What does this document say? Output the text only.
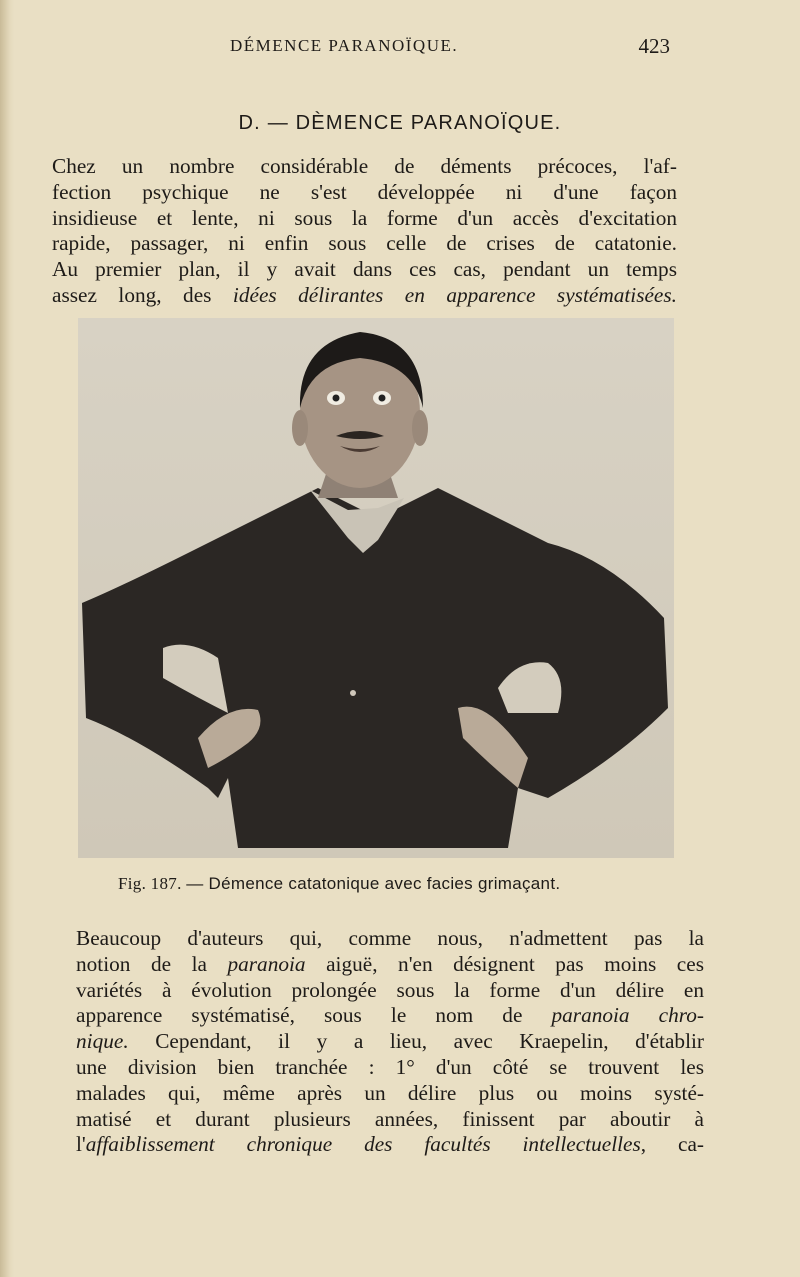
DÉMENCE PARANOÏQUE.	423
D. — DÈMENCE PARANOÏQUE.
Chez un nombre considérable de déments précoces, l'af-
fection psychique ne s'est développée ni d'une façon
insidieuse et lente, ni sous la forme d'un accès d'excitation
rapide, passager, ni enfin sous celle de crises de catatonie.
Au premier plan, il y avait dans ces cas, pendant un temps
assez long, des idées délirantes en apparence systématisées.
Fig. 187. — Démence catatonique avec facies grimaçant.
Beaucoup d'auteurs qui, comme nous, n'admettent pas la
notion de la paranoia aiguë, n'en désignent pas moins ces
variétés à évolution prolongée sous la forme d'un délire en
apparence systématisé, sous le nom de paranoia chro-
nique. Cependant, il y a lieu, avec Kraepelin, d'établir
une division bien tranchée : 1° d'un côté se trouvent les
malades qui, même après un délire plus ou moins systé-
matisé et durant plusieurs années, finissent par aboutir à
l'affaiblissement chronique des facultés intellectuelles, ca-
